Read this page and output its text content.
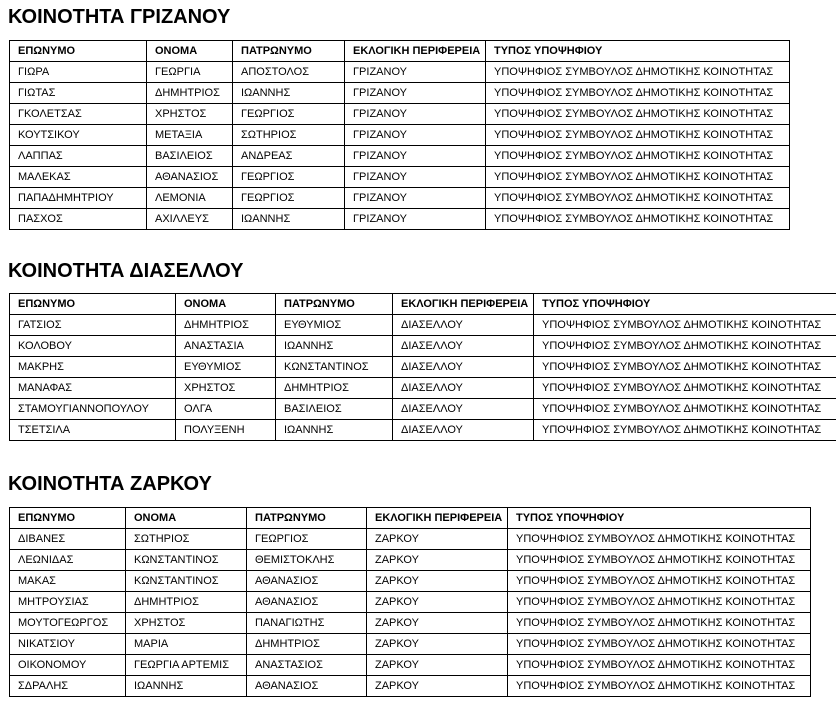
ΚΟΙΝΟΤΗΤΑ ΓΡΙΖΑΝΟΥ
ΕΠΩΝΥΜΟ	ΟΝΟΜΑ	ΠΑΤΡΩΝΥΜΟ	ΕΚΛΟΓΙΚΗ ΠΕΡΙΦΕΡΕΙΑ	ΤΥΠΟΣ ΥΠΟΨΗΦΙΟΥ
ΓΙΩΡΑ	ΓΕΩΡΓΙΑ	ΑΠΟΣΤΟΛΟΣ	ΓΡΙΖΑΝΟΥ	ΥΠΟΨΗΦΙΟΣ ΣΥΜΒΟΥΛΟΣ ΔΗΜΟΤΙΚΗΣ ΚΟΙΝΟΤΗΤΑΣ
ΓΙΩΤΑΣ	ΔΗΜΗΤΡΙΟΣ	ΙΩΑΝΝΗΣ	ΓΡΙΖΑΝΟΥ	ΥΠΟΨΗΦΙΟΣ ΣΥΜΒΟΥΛΟΣ ΔΗΜΟΤΙΚΗΣ ΚΟΙΝΟΤΗΤΑΣ
ΓΚΟΛΕΤΣΑΣ	ΧΡΗΣΤΟΣ	ΓΕΩΡΓΙΟΣ	ΓΡΙΖΑΝΟΥ	ΥΠΟΨΗΦΙΟΣ ΣΥΜΒΟΥΛΟΣ ΔΗΜΟΤΙΚΗΣ ΚΟΙΝΟΤΗΤΑΣ
ΚΟΥΤΣΙΚΟΥ	ΜΕΤΑΞΙΑ	ΣΩΤΗΡΙΟΣ	ΓΡΙΖΑΝΟΥ	ΥΠΟΨΗΦΙΟΣ ΣΥΜΒΟΥΛΟΣ ΔΗΜΟΤΙΚΗΣ ΚΟΙΝΟΤΗΤΑΣ
ΛΑΠΠΑΣ	ΒΑΣΙΛΕΙΟΣ	ΑΝΔΡΕΑΣ	ΓΡΙΖΑΝΟΥ	ΥΠΟΨΗΦΙΟΣ ΣΥΜΒΟΥΛΟΣ ΔΗΜΟΤΙΚΗΣ ΚΟΙΝΟΤΗΤΑΣ
ΜΑΛΕΚΑΣ	ΑΘΑΝΑΣΙΟΣ	ΓΕΩΡΓΙΟΣ	ΓΡΙΖΑΝΟΥ	ΥΠΟΨΗΦΙΟΣ ΣΥΜΒΟΥΛΟΣ ΔΗΜΟΤΙΚΗΣ ΚΟΙΝΟΤΗΤΑΣ
ΠΑΠΑΔΗΜΗΤΡΙΟΥ	ΛΕΜΟΝΙΑ	ΓΕΩΡΓΙΟΣ	ΓΡΙΖΑΝΟΥ	ΥΠΟΨΗΦΙΟΣ ΣΥΜΒΟΥΛΟΣ ΔΗΜΟΤΙΚΗΣ ΚΟΙΝΟΤΗΤΑΣ
ΠΑΣΧΟΣ	ΑΧΙΛΛΕΥΣ	ΙΩΑΝΝΗΣ	ΓΡΙΖΑΝΟΥ	ΥΠΟΨΗΦΙΟΣ ΣΥΜΒΟΥΛΟΣ ΔΗΜΟΤΙΚΗΣ ΚΟΙΝΟΤΗΤΑΣ
ΚΟΙΝΟΤΗΤΑ ΔΙΑΣΕΛΛΟΥ
ΕΠΩΝΥΜΟ	ΟΝΟΜΑ	ΠΑΤΡΩΝΥΜΟ	ΕΚΛΟΓΙΚΗ ΠΕΡΙΦΕΡΕΙΑ	ΤΥΠΟΣ ΥΠΟΨΗΦΙΟΥ
ΓΑΤΣΙΟΣ	ΔΗΜΗΤΡΙΟΣ	ΕΥΘΥΜΙΟΣ	ΔΙΑΣΕΛΛΟΥ	ΥΠΟΨΗΦΙΟΣ ΣΥΜΒΟΥΛΟΣ ΔΗΜΟΤΙΚΗΣ ΚΟΙΝΟΤΗΤΑΣ
ΚΟΛΟΒΟΥ	ΑΝΑΣΤΑΣΙΑ	ΙΩΑΝΝΗΣ	ΔΙΑΣΕΛΛΟΥ	ΥΠΟΨΗΦΙΟΣ ΣΥΜΒΟΥΛΟΣ ΔΗΜΟΤΙΚΗΣ ΚΟΙΝΟΤΗΤΑΣ
ΜΑΚΡΗΣ	ΕΥΘΥΜΙΟΣ	ΚΩΝΣΤΑΝΤΙΝΟΣ	ΔΙΑΣΕΛΛΟΥ	ΥΠΟΨΗΦΙΟΣ ΣΥΜΒΟΥΛΟΣ ΔΗΜΟΤΙΚΗΣ ΚΟΙΝΟΤΗΤΑΣ
ΜΑΝΑΦΑΣ	ΧΡΗΣΤΟΣ	ΔΗΜΗΤΡΙΟΣ	ΔΙΑΣΕΛΛΟΥ	ΥΠΟΨΗΦΙΟΣ ΣΥΜΒΟΥΛΟΣ ΔΗΜΟΤΙΚΗΣ ΚΟΙΝΟΤΗΤΑΣ
ΣΤΑΜΟΥΓΙΑΝΝΟΠΟΥΛΟΥ	ΟΛΓΑ	ΒΑΣΙΛΕΙΟΣ	ΔΙΑΣΕΛΛΟΥ	ΥΠΟΨΗΦΙΟΣ ΣΥΜΒΟΥΛΟΣ ΔΗΜΟΤΙΚΗΣ ΚΟΙΝΟΤΗΤΑΣ
ΤΣΕΤΣΙΛΑ	ΠΟΛΥΞΕΝΗ	ΙΩΑΝΝΗΣ	ΔΙΑΣΕΛΛΟΥ	ΥΠΟΨΗΦΙΟΣ ΣΥΜΒΟΥΛΟΣ ΔΗΜΟΤΙΚΗΣ ΚΟΙΝΟΤΗΤΑΣ
ΚΟΙΝΟΤΗΤΑ ΖΑΡΚΟΥ
ΕΠΩΝΥΜΟ	ΟΝΟΜΑ	ΠΑΤΡΩΝΥΜΟ	ΕΚΛΟΓΙΚΗ ΠΕΡΙΦΕΡΕΙΑ	ΤΥΠΟΣ ΥΠΟΨΗΦΙΟΥ
ΔΙΒΑΝΕΣ	ΣΩΤΗΡΙΟΣ	ΓΕΩΡΓΙΟΣ	ΖΑΡΚΟΥ	ΥΠΟΨΗΦΙΟΣ ΣΥΜΒΟΥΛΟΣ ΔΗΜΟΤΙΚΗΣ ΚΟΙΝΟΤΗΤΑΣ
ΛΕΩΝΙΔΑΣ	ΚΩΝΣΤΑΝΤΙΝΟΣ	ΘΕΜΙΣΤΟΚΛΗΣ	ΖΑΡΚΟΥ	ΥΠΟΨΗΦΙΟΣ ΣΥΜΒΟΥΛΟΣ ΔΗΜΟΤΙΚΗΣ ΚΟΙΝΟΤΗΤΑΣ
ΜΑΚΑΣ	ΚΩΝΣΤΑΝΤΙΝΟΣ	ΑΘΑΝΑΣΙΟΣ	ΖΑΡΚΟΥ	ΥΠΟΨΗΦΙΟΣ ΣΥΜΒΟΥΛΟΣ ΔΗΜΟΤΙΚΗΣ ΚΟΙΝΟΤΗΤΑΣ
ΜΗΤΡΟΥΣΙΑΣ	ΔΗΜΗΤΡΙΟΣ	ΑΘΑΝΑΣΙΟΣ	ΖΑΡΚΟΥ	ΥΠΟΨΗΦΙΟΣ ΣΥΜΒΟΥΛΟΣ ΔΗΜΟΤΙΚΗΣ ΚΟΙΝΟΤΗΤΑΣ
ΜΟΥΤΟΓΕΩΡΓΟΣ	ΧΡΗΣΤΟΣ	ΠΑΝΑΓΙΩΤΗΣ	ΖΑΡΚΟΥ	ΥΠΟΨΗΦΙΟΣ ΣΥΜΒΟΥΛΟΣ ΔΗΜΟΤΙΚΗΣ ΚΟΙΝΟΤΗΤΑΣ
ΝΙΚΑΤΣΙΟΥ	ΜΑΡΙΑ	ΔΗΜΗΤΡΙΟΣ	ΖΑΡΚΟΥ	ΥΠΟΨΗΦΙΟΣ ΣΥΜΒΟΥΛΟΣ ΔΗΜΟΤΙΚΗΣ ΚΟΙΝΟΤΗΤΑΣ
ΟΙΚΟΝΟΜΟΥ	ΓΕΩΡΓΙΑ ΑΡΤΕΜΙΣ	ΑΝΑΣΤΑΣΙΟΣ	ΖΑΡΚΟΥ	ΥΠΟΨΗΦΙΟΣ ΣΥΜΒΟΥΛΟΣ ΔΗΜΟΤΙΚΗΣ ΚΟΙΝΟΤΗΤΑΣ
ΣΔΡΑΛΗΣ	ΙΩΑΝΝΗΣ	ΑΘΑΝΑΣΙΟΣ	ΖΑΡΚΟΥ	ΥΠΟΨΗΦΙΟΣ ΣΥΜΒΟΥΛΟΣ ΔΗΜΟΤΙΚΗΣ ΚΟΙΝΟΤΗΤΑΣ
